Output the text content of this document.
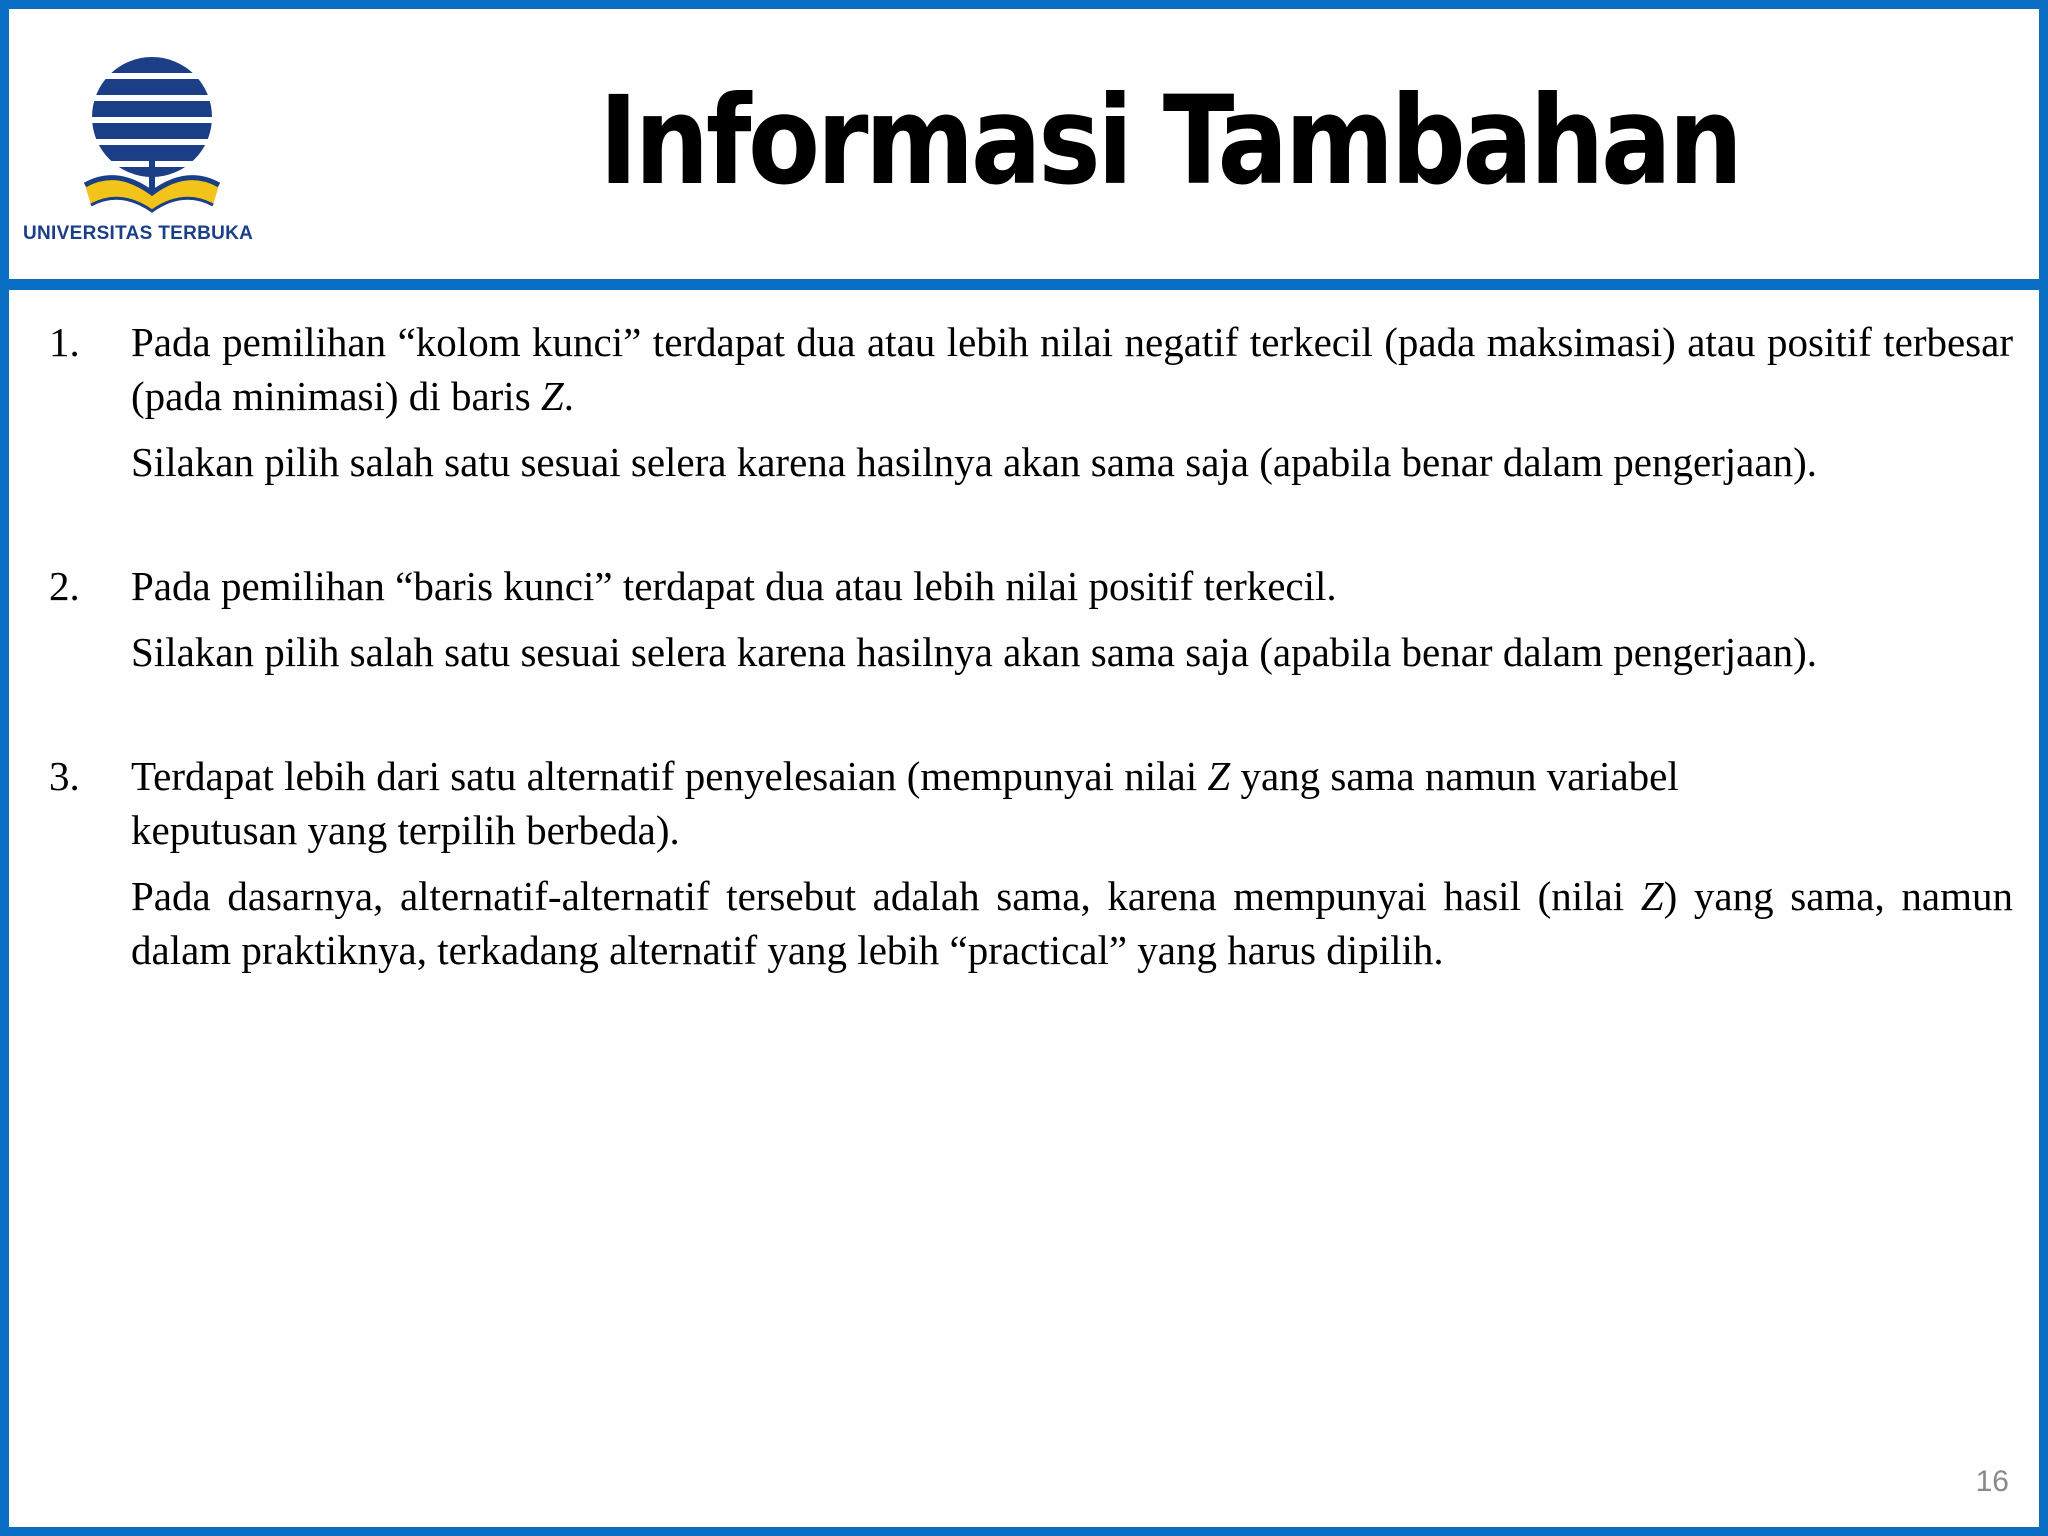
UNIVERSITAS TERBUKA
Informasi Tambahan
1. Pada pemilihan “kolom kunci” terdapat dua atau lebih nilai negatif terkecil (pada maksimasi) atau positif terbesar (pada minimasi) di baris Z.

Silakan pilih salah satu sesuai selera karena hasilnya akan sama saja (apabila benar dalam pengerjaan).

2. Pada pemilihan “baris kunci” terdapat dua atau lebih nilai positif terkecil.

Silakan pilih salah satu sesuai selera karena hasilnya akan sama saja (apabila benar dalam pengerjaan).

3. Terdapat lebih dari satu alternatif penyelesaian (mempunyai nilai Z yang sama namun variabel keputusan yang terpilih berbeda).

Pada dasarnya, alternatif-alternatif tersebut adalah sama, karena mempunyai hasil (nilai Z) yang sama, namun dalam praktiknya, terkadang alternatif yang lebih “practical” yang harus dipilih.

16
